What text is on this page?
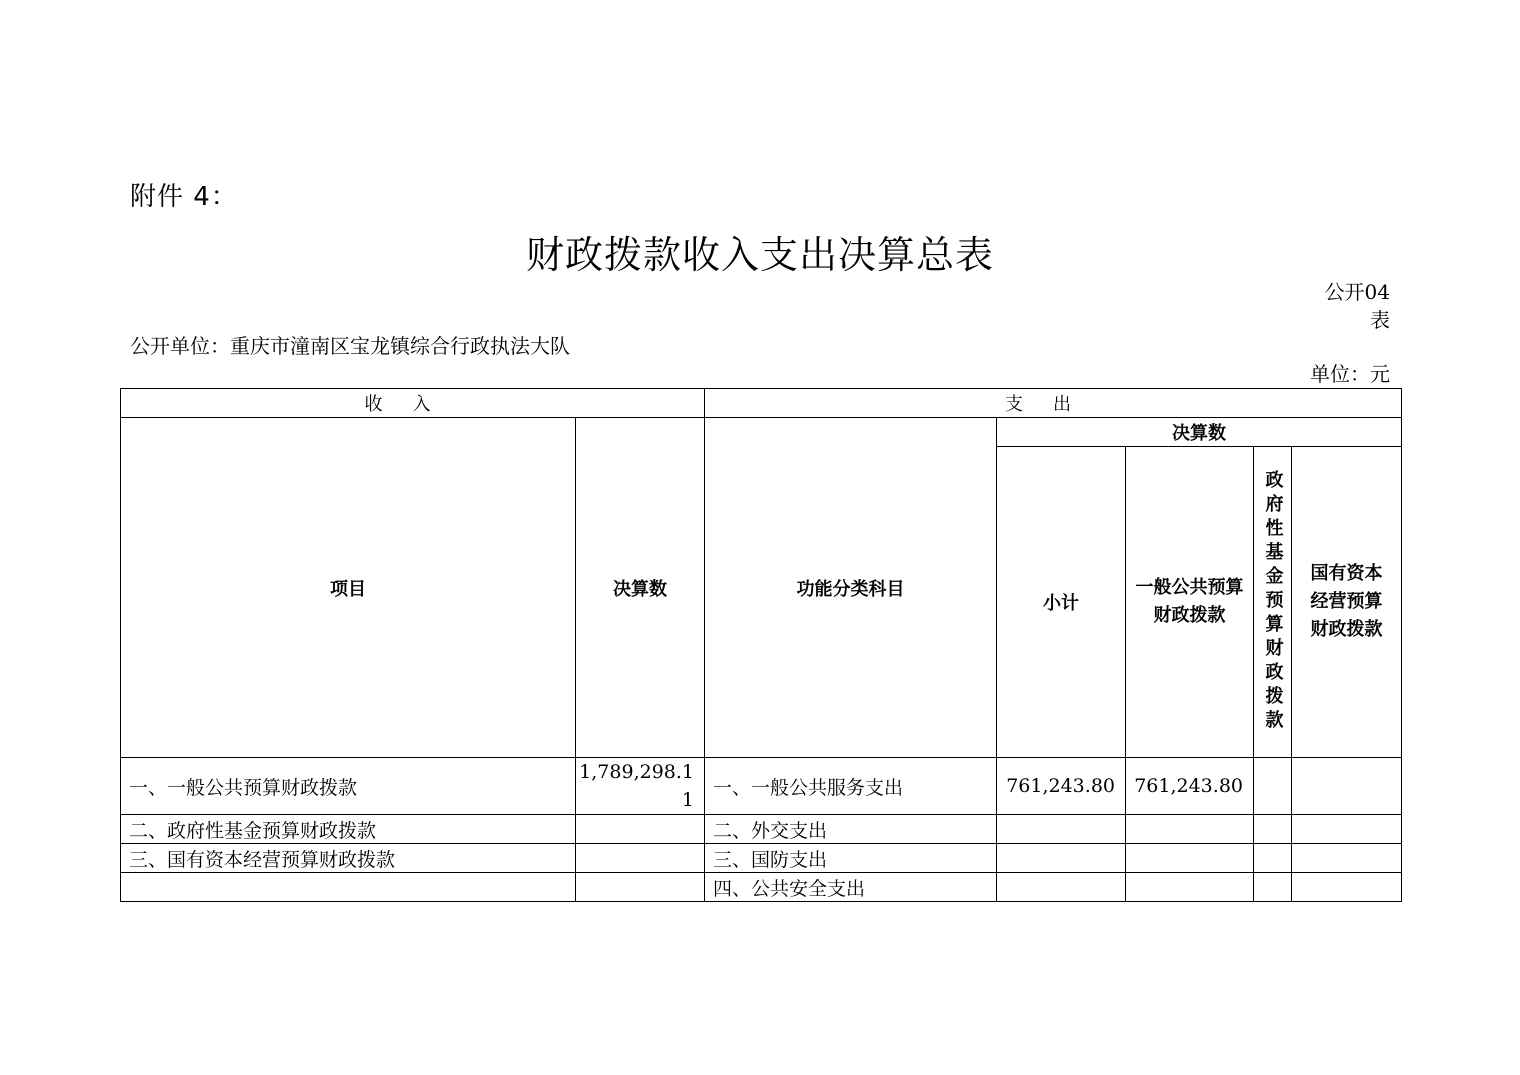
附件 4：
财政拨款收入支出决算总表
公开04表
公开单位：重庆市潼南区宝龙镇综合行政执法大队
单位：元
收入		支出				
项目	决算数	功能分类科目	决算数			
			小计	一般公共预算财政拨款	政府性基金预算财政拨款	国有资本经营预算财政拨款
一、一般公共预算财政拨款	1,789,298.11	一、一般公共服务支出	761,243.80	761,243.80		
二、政府性基金预算财政拨款		二、外交支出				
三、国有资本经营预算财政拨款		三、国防支出				
		四、公共安全支出				
